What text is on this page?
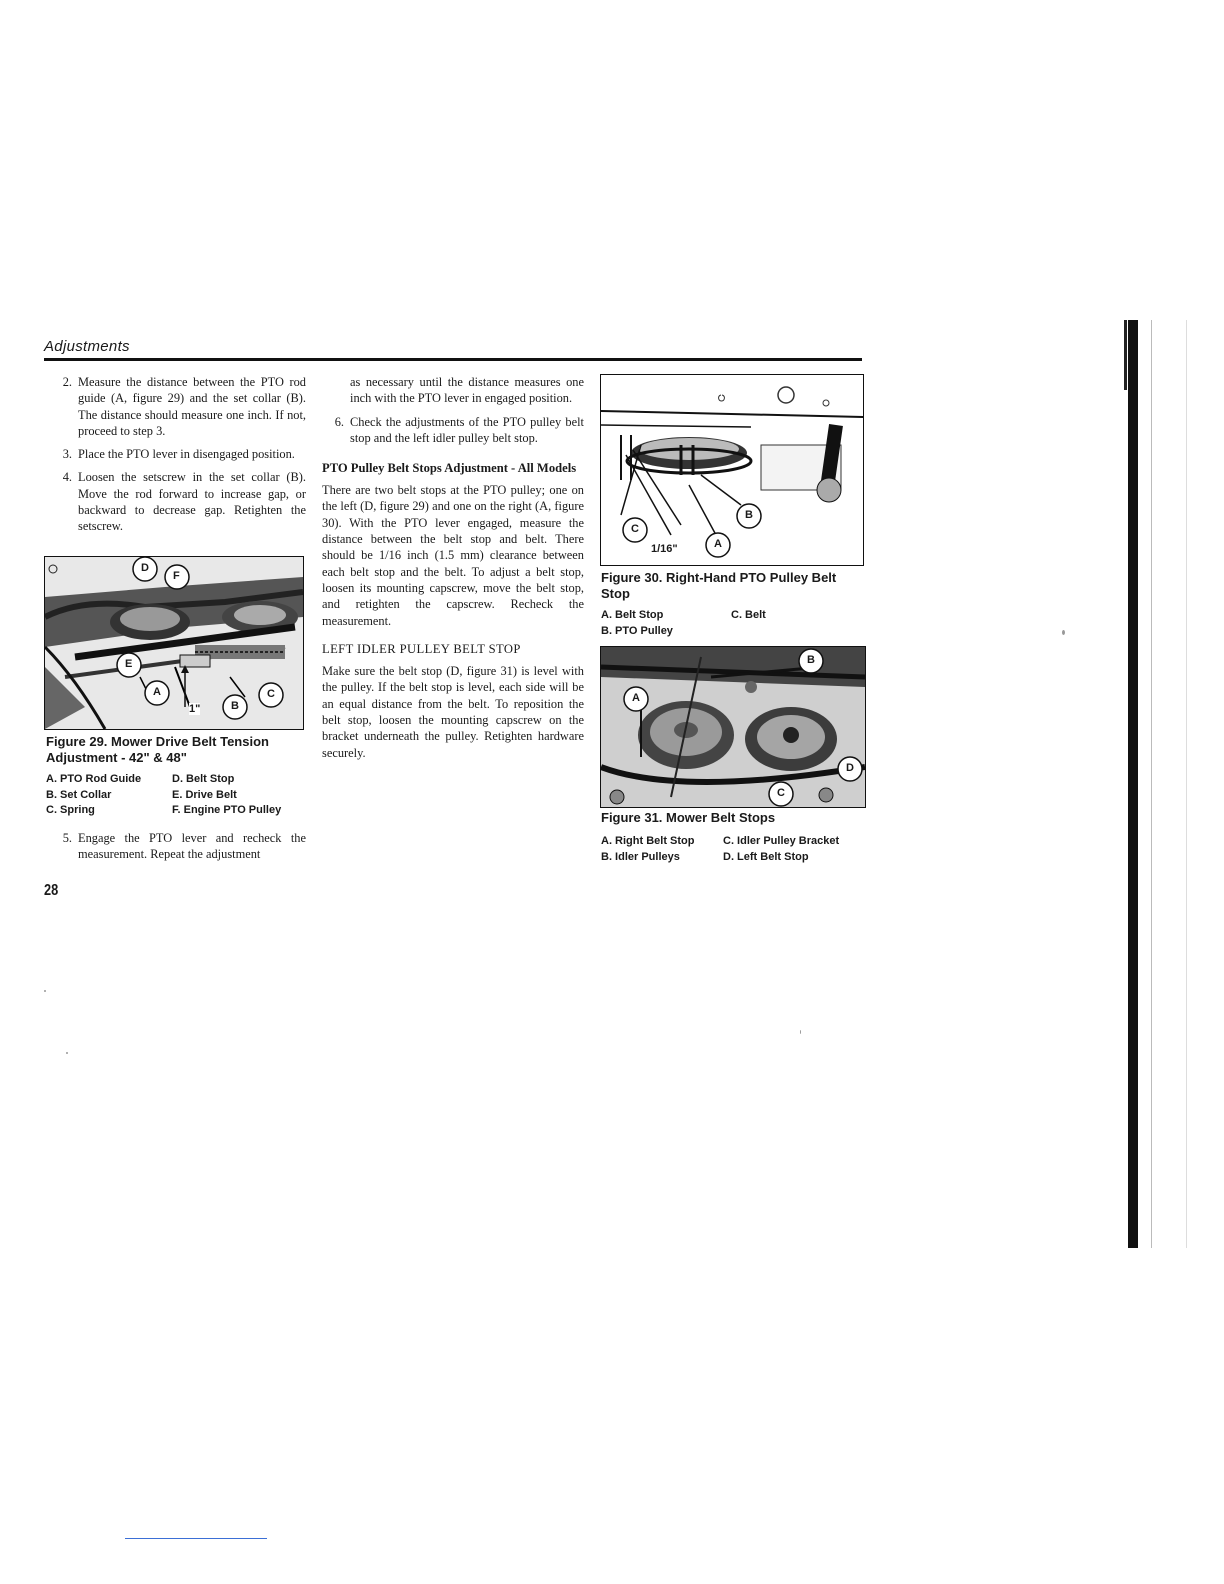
Adjustments
2. Measure the distance between the PTO rod guide (A, figure 29) and the set collar (B). The distance should measure one inch. If not, proceed to step 3.
3. Place the PTO lever in disengaged position.
4. Loosen the setscrew in the set collar (B). Move the rod forward to increase gap, or backward to decrease gap. Retighten the setscrew.
D
F
E
A
B
C
1"
Figure 29. Mower Drive Belt Tension Adjustment - 42" & 48"
A. PTO Rod Guide	D. Belt Stop
B. Set Collar	E. Drive Belt
C. Spring	F. Engine PTO Pulley
5. Engage the PTO lever and recheck the measurement. Repeat the adjustment
as necessary until the distance measures one inch with the PTO lever in engaged position.
6. Check the adjustments of the PTO pulley belt stop and the left idler pulley belt stop.
PTO Pulley Belt Stops Adjustment - All Models
There are two belt stops at the PTO pulley; one on the left (D, figure 29) and one on the right (A, figure 30). With the PTO lever engaged, measure the distance between the belt stop and belt. There should be 1/16 inch (1.5 mm) clearance between each belt stop and the belt. To adjust a belt stop, loosen its mounting capscrew, move the belt stop, and retighten the capscrew. Recheck the measurement.
LEFT IDLER PULLEY BELT STOP
Make sure the belt stop (D, figure 31) is level with the pulley. If the belt stop is level, each side will be an equal distance from the belt. To reposition the belt stop, loosen the mounting capscrew on the bracket underneath the pulley. Retighten hardware securely.
C
B
A
1/16"
Figure 30. Right-Hand PTO Pulley Belt Stop
A. Belt Stop	C. Belt
B. PTO Pulley
A
B
C
D
Figure 31. Mower Belt Stops
A. Right Belt Stop	C. Idler Pulley Bracket
B. Idler Pulleys	D. Left Belt Stop
28
